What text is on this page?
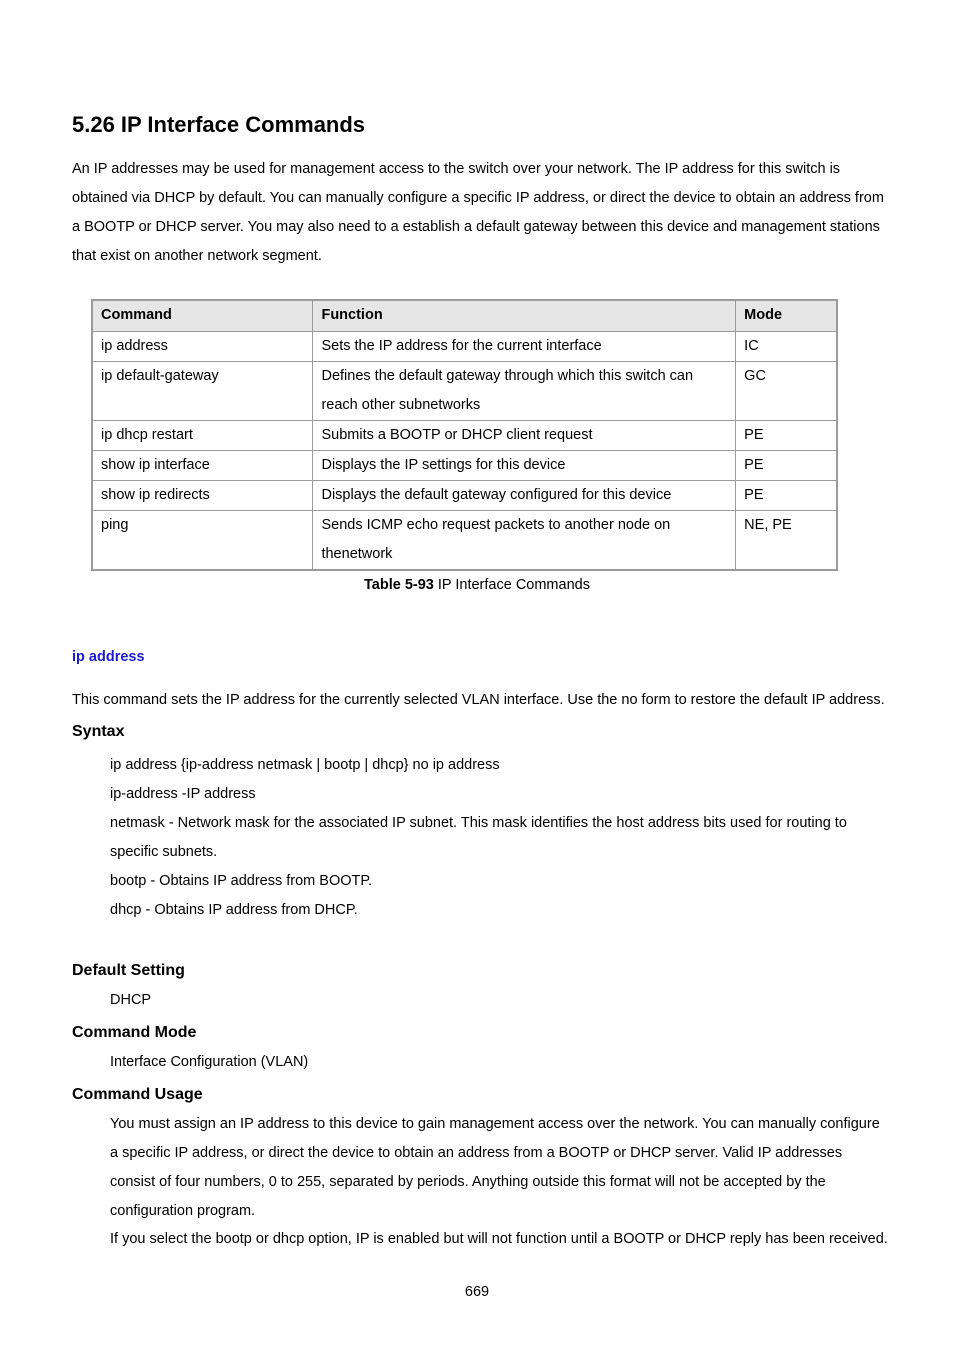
5.26 IP Interface Commands

An IP addresses may be used for management access to the switch over your network. The IP address for this switch is obtained via DHCP by default. You can manually configure a specific IP address, or direct the device to obtain an address from a BOOTP or DHCP server. You may also need to a establish a default gateway between this device and management stations that exist on another network segment.

Command	Function	Mode
ip address	Sets the IP address for the current interface	IC
ip default-gateway	Defines the default gateway through which this switch can reach other subnetworks	GC
ip dhcp restart	Submits a BOOTP or DHCP client request	PE
show ip interface	Displays the IP settings for this device	PE
show ip redirects	Displays the default gateway configured for this device	PE
ping	Sends ICMP echo request packets to another node on thenetwork	NE, PE
Table 5-93 IP Interface Commands
ip address

This command sets the IP address for the currently selected VLAN interface. Use the no form to restore the default IP address.

Syntax

ip address {ip-address netmask | bootp | dhcp} no ip address

ip-address -IP address

netmask - Network mask for the associated IP subnet. This mask identifies the host address bits used for routing to specific subnets.

bootp - Obtains IP address from BOOTP.

dhcp - Obtains IP address from DHCP.

Default Setting

DHCP

Command Mode

Interface Configuration (VLAN)

Command Usage

You must assign an IP address to this device to gain management access over the network. You can manually configure a specific IP address, or direct the device to obtain an address from a BOOTP or DHCP server. Valid IP addresses consist of four numbers, 0 to 255, separated by periods. Anything outside this format will not be accepted by the configuration program.

If you select the bootp or dhcp option, IP is enabled but will not function until a BOOTP or DHCP reply has been received.

669
